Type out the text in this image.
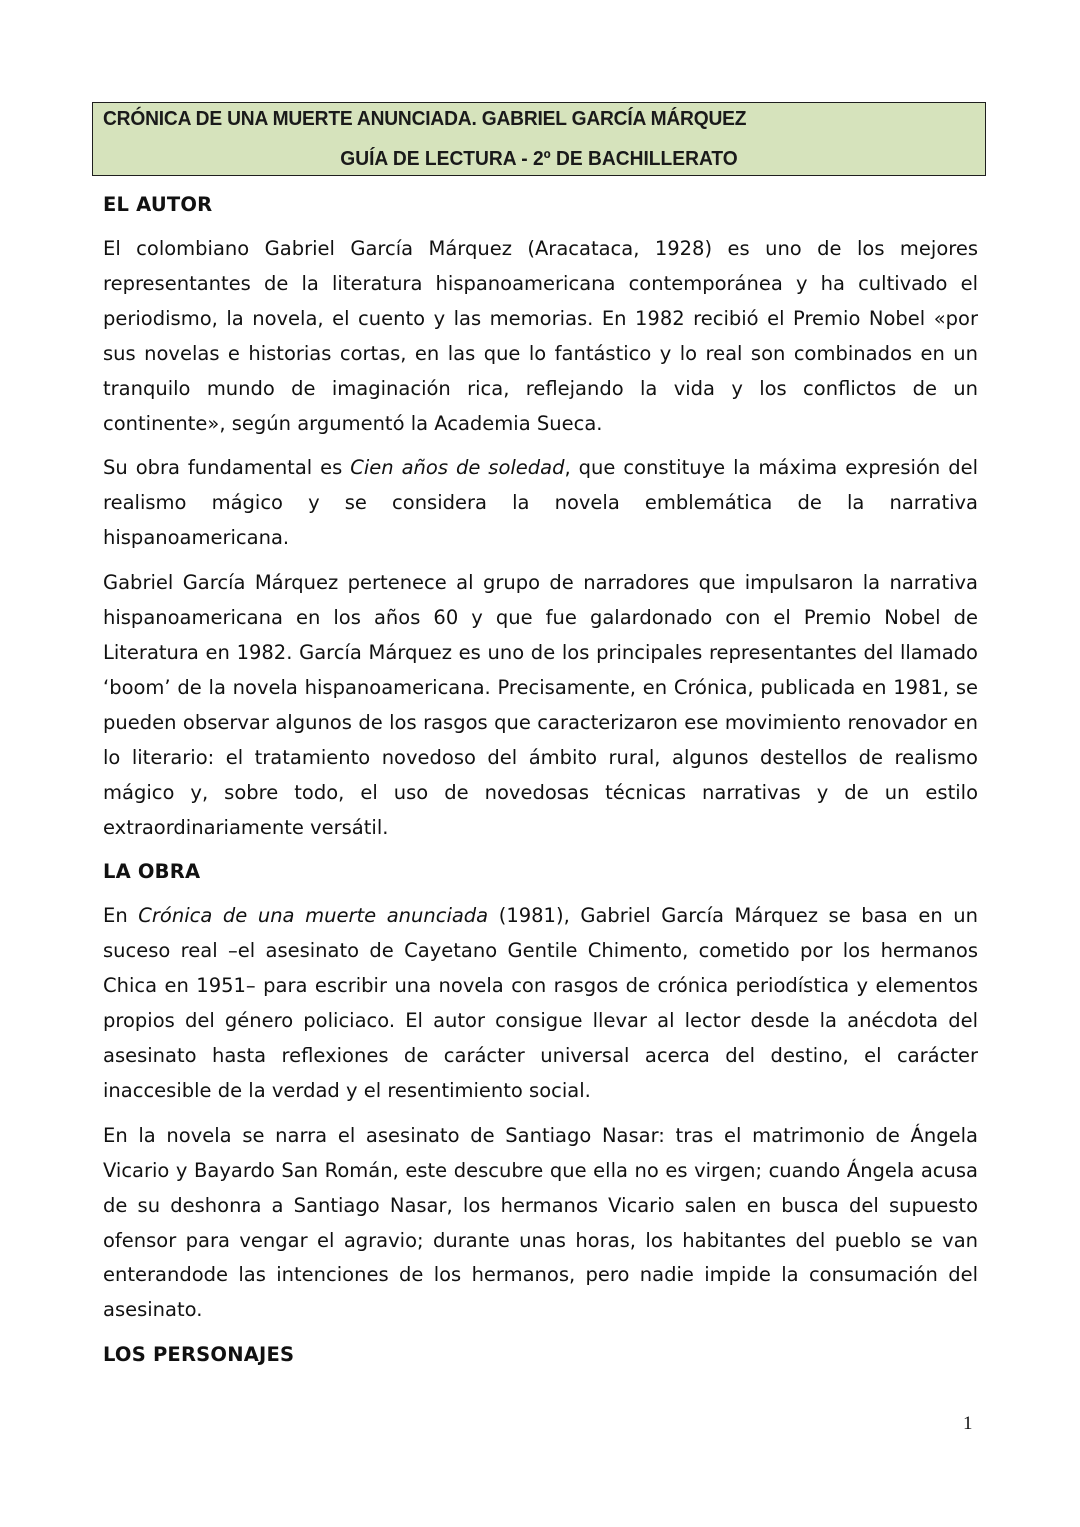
CRÓNICA DE UNA MUERTE ANUNCIADA. GABRIEL GARCÍA MÁRQUEZ
GUÍA DE LECTURA - 2º DE BACHILLERATO
EL AUTOR

El colombiano Gabriel García Márquez (Aracataca, 1928) es uno de los mejores representantes de la literatura hispanoamericana contemporánea y ha cultivado el periodismo, la novela, el cuento y las memorias. En 1982 recibió el Premio Nobel «por sus novelas e historias cortas, en las que lo fantástico y lo real son combinados en un tranquilo mundo de imaginación rica, reflejando la vida y los conflictos de un continente», según argumentó la Academia Sueca.

Su obra fundamental es Cien años de soledad, que constituye la máxima expresión del realismo mágico y se considera la novela emblemática de la narrativa hispanoamericana.

Gabriel García Márquez pertenece al grupo de narradores que impulsaron la narrativa hispanoamericana en los años 60 y que fue galardonado con el Premio Nobel de Literatura en 1982. García Márquez es uno de los principales representantes del llamado ‘boom’ de la novela hispanoamericana. Precisamente, en Crónica, publicada en 1981, se pueden observar algunos de los rasgos que caracterizaron ese movimiento renovador en lo literario: el tratamiento novedoso del ámbito rural, algunos destellos de realismo mágico y, sobre todo, el uso de novedosas técnicas narrativas y de un estilo extraordinariamente versátil.

LA OBRA

En Crónica de una muerte anunciada (1981), Gabriel García Márquez se basa en un suceso real –el asesinato de Cayetano Gentile Chimento, cometido por los hermanos Chica en 1951– para escribir una novela con rasgos de crónica periodística y elementos propios del género policiaco. El autor consigue llevar al lector desde la anécdota del asesinato hasta reflexiones de carácter universal acerca del destino, el carácter inaccesible de la verdad y el resentimiento social.

En la novela se narra el asesinato de Santiago Nasar: tras el matrimonio de Ángela Vicario y Bayardo San Román, este descubre que ella no es virgen; cuando Ángela acusa de su deshonra a Santiago Nasar, los hermanos Vicario salen en busca del supuesto ofensor para vengar el agravio; durante unas horas, los habitantes del pueblo se van enterandode las intenciones de los hermanos, pero nadie impide la consumación del asesinato.

LOS PERSONAJES
1
